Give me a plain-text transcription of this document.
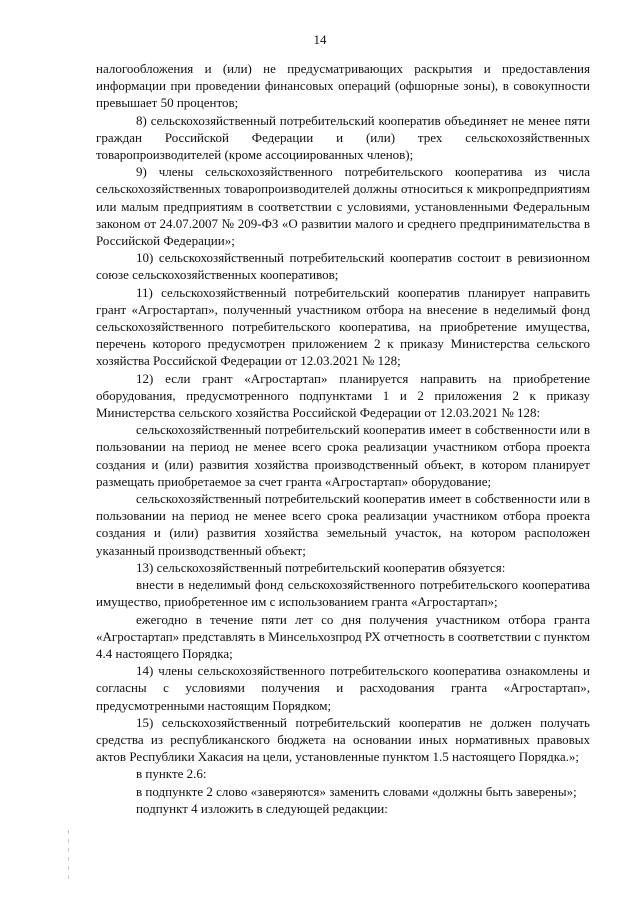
14

налогообложения и (или) не предусматривающих раскрытия и предоставления информации при проведении финансовых операций (офшорные зоны), в совокупности превышает 50 процентов;

8) сельскохозяйственный потребительский кооператив объединяет не менее пяти граждан Российской Федерации и (или) трех сельскохозяйственных товаропроизводителей (кроме ассоциированных членов);

9) члены сельскохозяйственного потребительского кооператива из числа сельскохозяйственных товаропроизводителей должны относиться к микропредприятиям или малым предприятиям в соответствии с условиями, установленными Федеральным законом от 24.07.2007 № 209-ФЗ «О развитии малого и среднего предпринимательства в Российской Федерации»;

10) сельскохозяйственный потребительский кооператив состоит в ревизионном союзе сельскохозяйственных кооперативов;

11) сельскохозяйственный потребительский кооператив планирует направить грант «Агростартап», полученный участником отбора на внесение в неделимый фонд сельскохозяйственного потребительского кооператива, на приобретение имущества, перечень которого предусмотрен приложением 2 к приказу Министерства сельского хозяйства Российской Федерации от 12.03.2021 № 128;

12) если грант «Агростартап» планируется направить на приобретение оборудования, предусмотренного подпунктами 1 и 2 приложения 2 к приказу Министерства сельского хозяйства Российской Федерации от 12.03.2021 № 128:

сельскохозяйственный потребительский кооператив имеет в собственности или в пользовании на период не менее всего срока реализации участником отбора проекта создания и (или) развития хозяйства производственный объект, в котором планирует размещать приобретаемое за счет гранта «Агростартап» оборудование;

сельскохозяйственный потребительский кооператив имеет в собственности или в пользовании на период не менее всего срока реализации участником отбора проекта создания и (или) развития хозяйства земельный участок, на котором расположен указанный производственный объект;

13) сельскохозяйственный потребительский кооператив обязуется:

внести в неделимый фонд сельскохозяйственного потребительского кооператива имущество, приобретенное им с использованием гранта «Агростартап»;

ежегодно в течение пяти лет со дня получения участником отбора гранта «Агростартап» представлять в Минсельхозпрод РХ отчетность в соответствии с пунктом 4.4 настоящего Порядка;

14) члены сельскохозяйственного потребительского кооператива ознакомлены и согласны с условиями получения и расходования гранта «Агростартап», предусмотренными настоящим Порядком;

15) сельскохозяйственный потребительский кооператив не должен получать средства из республиканского бюджета на основании иных нормативных правовых актов Республики Хакасия на цели, установленные пунктом 1.5 настоящего Порядка.»;

в пункте 2.6:

в подпункте 2 слово «заверяются» заменить словами «должны быть заверены»;

подпункт 4 изложить в следующей редакции:
